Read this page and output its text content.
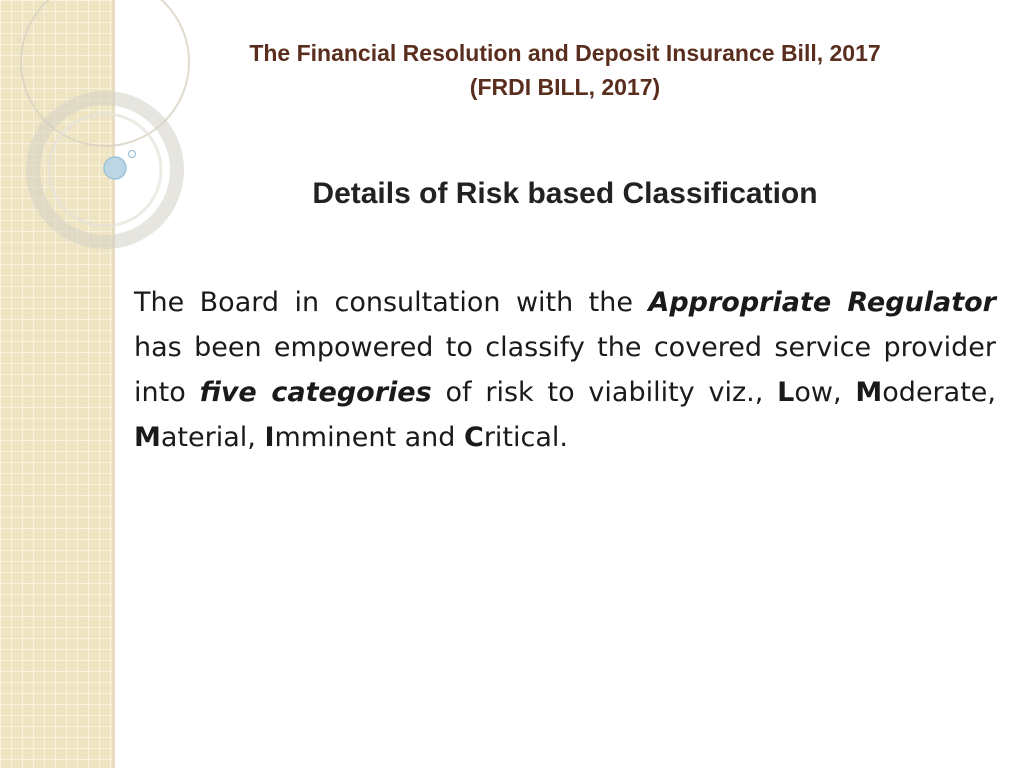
The Financial Resolution and Deposit Insurance Bill, 2017
(FRDI BILL, 2017)
Details of Risk based Classification
The Board in consultation with the Appropriate Regulator has been empowered to classify the covered service provider into five categories of risk to viability viz., Low, Moderate, Material, Imminent and Critical.
